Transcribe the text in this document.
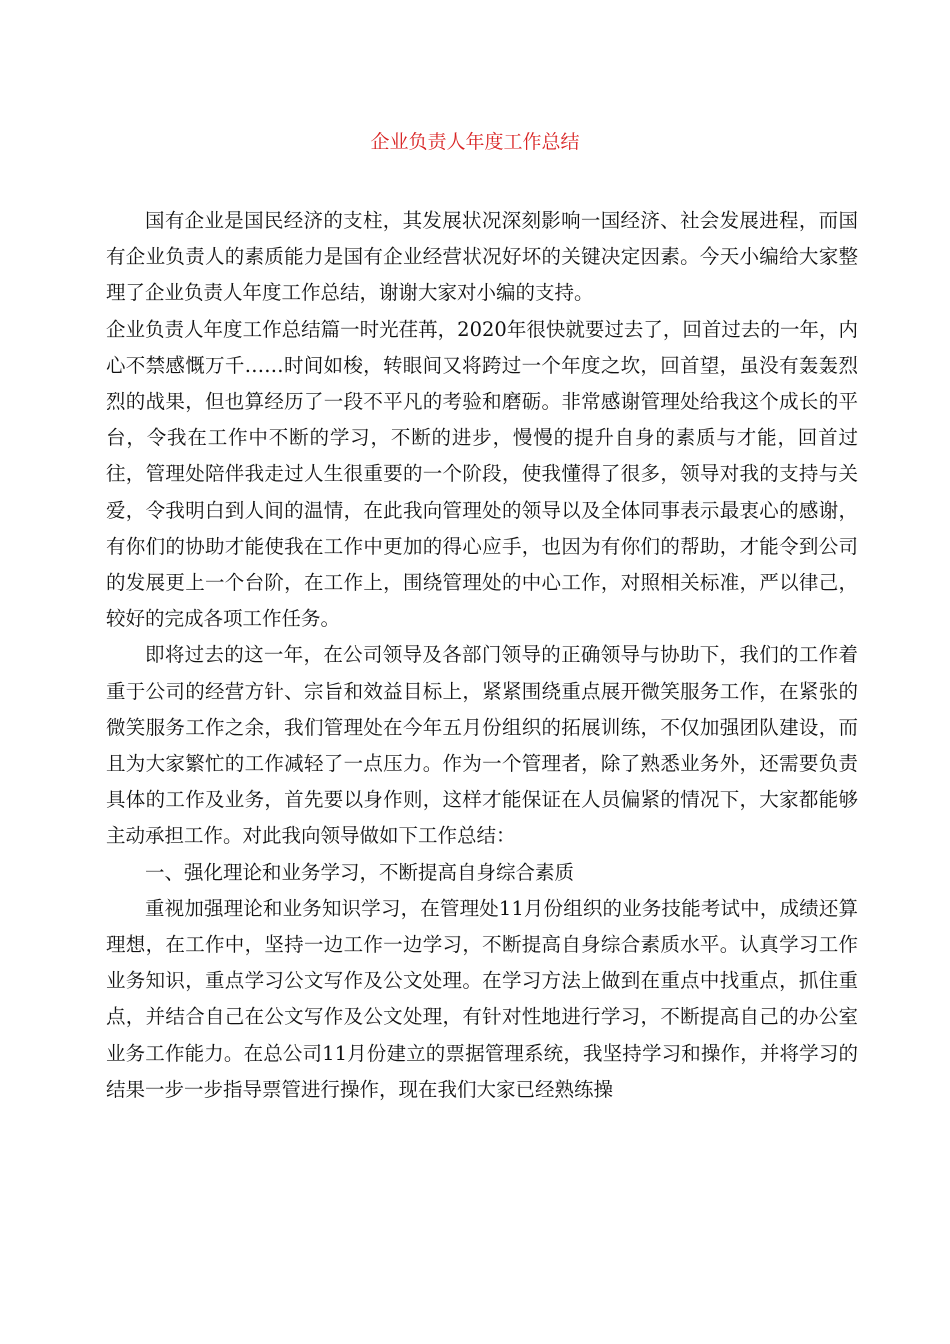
企业负责人年度工作总结

国有企业是国民经济的支柱，其发展状况深刻影响一国经济、社会发展进程，而国有企业负责人的素质能力是国有企业经营状况好坏的关键决定因素。今天小编给大家整理了企业负责人年度工作总结，谢谢大家对小编的支持。

企业负责人年度工作总结篇一时光荏苒，2020年很快就要过去了，回首过去的一年，内心不禁感慨万千……时间如梭，转眼间又将跨过一个年度之坎，回首望，虽没有轰轰烈烈的战果，但也算经历了一段不平凡的考验和磨砺。非常感谢管理处给我这个成长的平台，令我在工作中不断的学习，不断的进步，慢慢的提升自身的素质与才能，回首过往，管理处陪伴我走过人生很重要的一个阶段，使我懂得了很多，领导对我的支持与关爱，令我明白到人间的温情，在此我向管理处的领导以及全体同事表示最衷心的感谢，有你们的协助才能使我在工作中更加的得心应手，也因为有你们的帮助，才能令到公司的发展更上一个台阶，在工作上，围绕管理处的中心工作，对照相关标准，严以律己，较好的完成各项工作任务。

即将过去的这一年，在公司领导及各部门领导的正确领导与协助下，我们的工作着重于公司的经营方针、宗旨和效益目标上，紧紧围绕重点展开微笑服务工作，在紧张的微笑服务工作之余，我们管理处在今年五月份组织的拓展训练，不仅加强团队建设，而且为大家繁忙的工作减轻了一点压力。作为一个管理者，除了熟悉业务外，还需要负责具体的工作及业务，首先要以身作则，这样才能保证在人员偏紧的情况下，大家都能够主动承担工作。对此我向领导做如下工作总结：

一、强化理论和业务学习，不断提高自身综合素质

重视加强理论和业务知识学习，在管理处11月份组织的业务技能考试中，成绩还算理想，在工作中，坚持一边工作一边学习，不断提高自身综合素质水平。认真学习工作业务知识，重点学习公文写作及公文处理。在学习方法上做到在重点中找重点，抓住重点，并结合自己在公文写作及公文处理，有针对性地进行学习，不断提高自己的办公室业务工作能力。在总公司11月份建立的票据管理系统，我坚持学习和操作，并将学习的结果一步一步指导票管进行操作，现在我们大家已经熟练操
